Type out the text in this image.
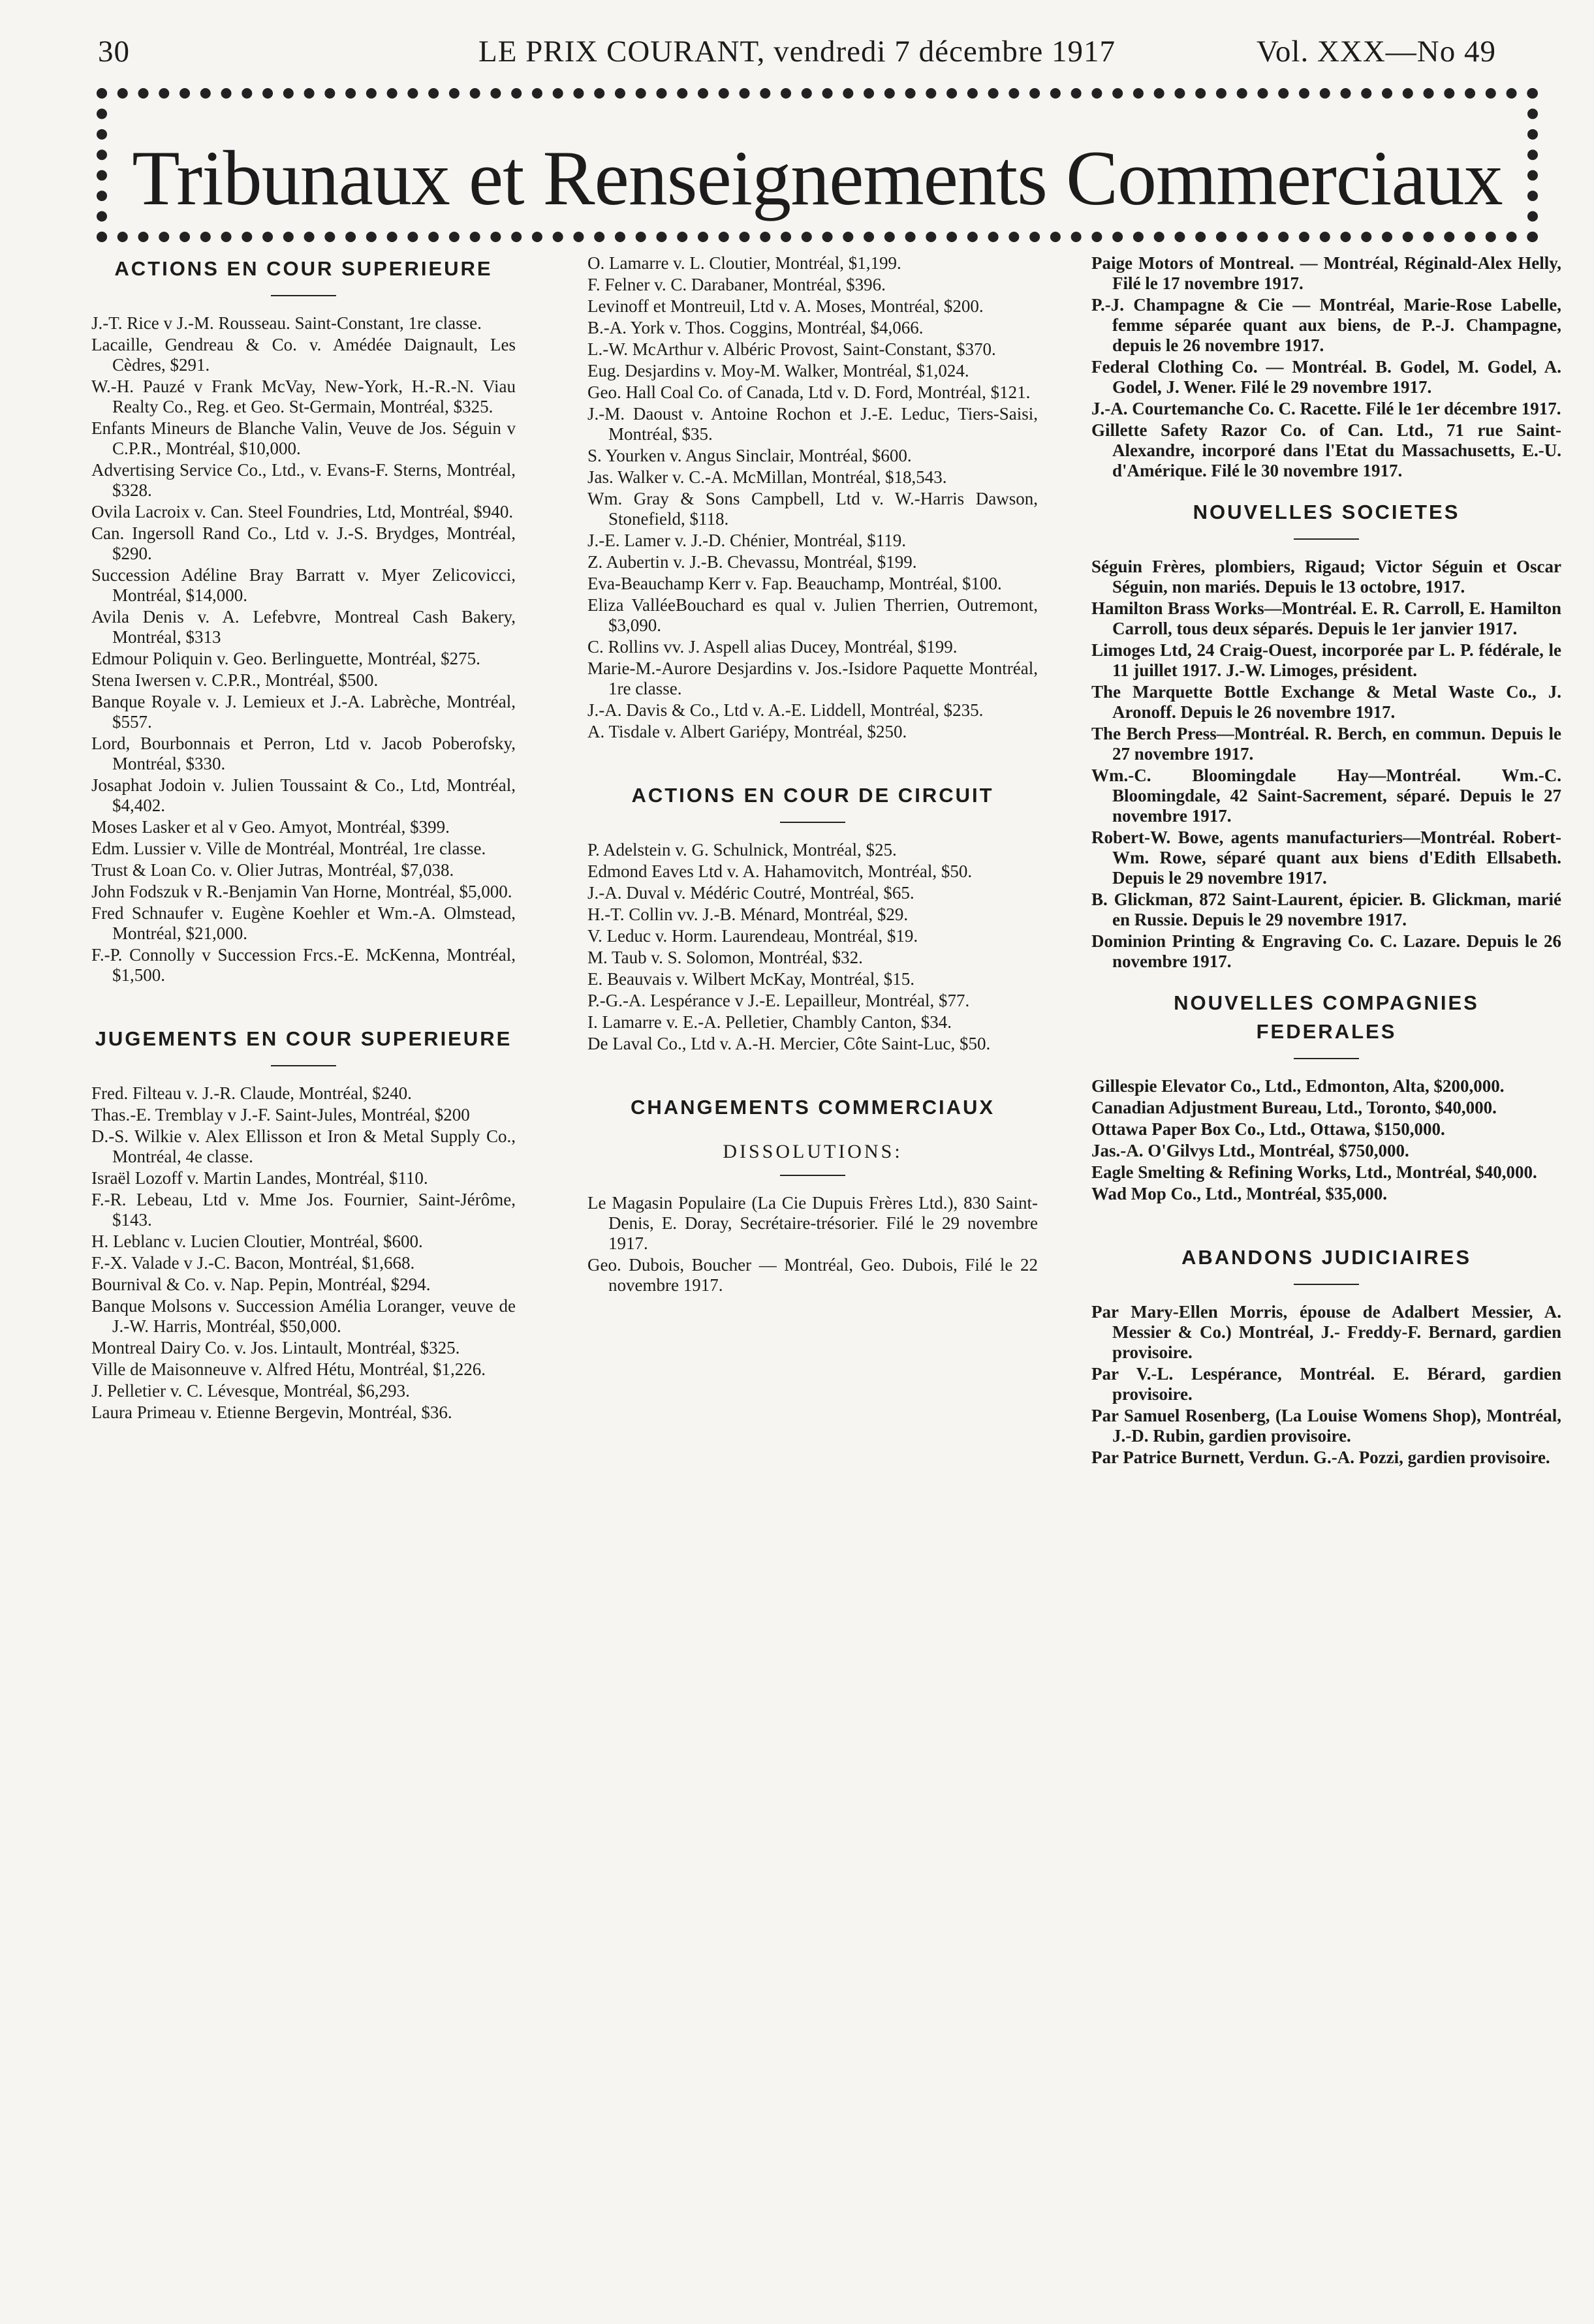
30	LE PRIX COURANT, vendredi 7 décembre 1917	Vol. XXX—No 49
Tribunaux et Renseignements Commerciaux
ACTIONS EN COUR SUPERIEURE
J.-T. Rice v J.-M. Rousseau. Saint-Constant, 1re classe.
Lacaille, Gendreau & Co. v. Amédée Daignault, Les Cèdres, $291.
W.-H. Pauzé v Frank McVay, New-York, H.-R.-N. Viau Realty Co., Reg. et Geo. St-Germain, Montréal, $325.
Enfants Mineurs de Blanche Valin, Veuve de Jos. Séguin v C.P.R., Montréal, $10,000.
Advertising Service Co., Ltd., v. Evans-F. Sterns, Montréal, $328.
Ovila Lacroix v. Can. Steel Foundries, Ltd, Montréal, $940.
Can. Ingersoll Rand Co., Ltd v. J.-S. Brydges, Montréal, $290.
Succession Adéline Bray Barratt v. Myer Zelicovicci, Montréal, $14,000.
Avila Denis v. A. Lefebvre, Montreal Cash Bakery, Montréal, $313
Edmour Poliquin v. Geo. Berlinguette, Montréal, $275.
Stena Iwersen v. C.P.R., Montréal, $500.
Banque Royale v. J. Lemieux et J.-A. Labrèche, Montréal, $557.
Lord, Bourbonnais et Perron, Ltd v. Jacob Poberofsky, Montréal, $330.
Josaphat Jodoin v. Julien Toussaint & Co., Ltd, Montréal, $4,402.
Moses Lasker et al v Geo. Amyot, Montréal, $399.
Edm. Lussier v. Ville de Montréal, Montréal, 1re classe.
Trust & Loan Co. v. Olier Jutras, Montréal, $7,038.
John Fodszuk v R.-Benjamin Van Horne, Montréal, $5,000.
Fred Schnaufer v. Eugène Koehler et Wm.-A. Olmstead, Montréal, $21,000.
F.-P. Connolly v Succession Frcs.-E. McKenna, Montréal, $1,500.
JUGEMENTS EN COUR SUPERIEURE
Fred. Filteau v. J.-R. Claude, Montréal, $240.
Thas.-E. Tremblay v J.-F. Saint-Jules, Montréal, $200
D.-S. Wilkie v. Alex Ellisson et Iron & Metal Supply Co., Montréal, 4e classe.
Israël Lozoff v. Martin Landes, Montréal, $110.
F.-R. Lebeau, Ltd v. Mme Jos. Fournier, Saint-Jérôme, $143.
H. Leblanc v. Lucien Cloutier, Montréal, $600.
F.-X. Valade v J.-C. Bacon, Montréal, $1,668.
Bournival & Co. v. Nap. Pepin, Montréal, $294.
Banque Molsons v. Succession Amélia Loranger, veuve de J.-W. Harris, Montréal, $50,000.
Montreal Dairy Co. v. Jos. Lintault, Montréal, $325.
Ville de Maisonneuve v. Alfred Hétu, Montréal, $1,226.
J. Pelletier v. C. Lévesque, Montréal, $6,293.
Laura Primeau v. Etienne Bergevin, Montréal, $36.
O. Lamarre v. L. Cloutier, Montréal, $1,199.
F. Felner v. C. Darabaner, Montréal, $396.
Levinoff et Montreuil, Ltd v. A. Moses, Montréal, $200.
B.-A. York v. Thos. Coggins, Montréal, $4,066.
L.-W. McArthur v. Albéric Provost, Saint-Constant, $370.
Eug. Desjardins v. Moy-M. Walker, Montréal, $1,024.
Geo. Hall Coal Co. of Canada, Ltd v. D. Ford, Montréal, $121.
J.-M. Daoust v. Antoine Rochon et J.-E. Leduc, Tiers-Saisi, Montréal, $35.
S. Yourken v. Angus Sinclair, Montréal, $600.
Jas. Walker v. C.-A. McMillan, Montréal, $18,543.
Wm. Gray & Sons Campbell, Ltd v. W.-Harris Dawson, Stonefield, $118.
J.-E. Lamer v. J.-D. Chénier, Montréal, $119.
Z. Aubertin v. J.-B. Chevassu, Montréal, $199.
Eva-Beauchamp Kerr v. Fap. Beauchamp, Montréal, $100.
Eliza ValléeBouchard es qual v. Julien Therrien, Outremont, $3,090.
C. Rollins vv. J. Aspell alias Ducey, Montréal, $199.
Marie-M.-Aurore Desjardins v. Jos.-Isidore Paquette Montréal, 1re classe.
J.-A. Davis & Co., Ltd v. A.-E. Liddell, Montréal, $235.
A. Tisdale v. Albert Gariépy, Montréal, $250.
ACTIONS EN COUR DE CIRCUIT
P. Adelstein v. G. Schulnick, Montréal, $25.
Edmond Eaves Ltd v. A. Hahamovitch, Montréal, $50.
J.-A. Duval v. Médéric Coutré, Montréal, $65.
H.-T. Collin vv. J.-B. Ménard, Montréal, $29.
V. Leduc v. Horm. Laurendeau, Montréal, $19.
M. Taub v. S. Solomon, Montréal, $32.
E. Beauvais v. Wilbert McKay, Montréal, $15.
P.-G.-A. Lespérance v J.-E. Lepailleur, Montréal, $77.
I. Lamarre v. E.-A. Pelletier, Chambly Canton, $34.
De Laval Co., Ltd v. A.-H. Mercier, Côte Saint-Luc, $50.
CHANGEMENTS COMMERCIAUX
DISSOLUTIONS:
Le Magasin Populaire (La Cie Dupuis Frères Ltd.), 830 Saint-Denis, E. Doray, Secrétaire-trésorier. Filé le 29 novembre 1917.
Geo. Dubois, Boucher — Montréal, Geo. Dubois, Filé le 22 novembre 1917.
Paige Motors of Montreal. — Montréal, Réginald-Alex Helly, Filé le 17 novembre 1917.
P.-J. Champagne & Cie — Montréal, Marie-Rose Labelle, femme séparée quant aux biens, de P.-J. Champagne, depuis le 26 novembre 1917.
Federal Clothing Co. — Montréal. B. Godel, M. Godel, A. Godel, J. Wener. Filé le 29 novembre 1917.
J.-A. Courtemanche Co. C. Racette. Filé le 1er décembre 1917.
Gillette Safety Razor Co. of Can. Ltd., 71 rue Saint-Alexandre, incorporé dans l'Etat du Massachusetts, E.-U. d'Amérique. Filé le 30 novembre 1917.
NOUVELLES SOCIETES
Séguin Frères, plombiers, Rigaud; Victor Séguin et Oscar Séguin, non mariés. Depuis le 13 octobre, 1917.
Hamilton Brass Works—Montréal. E. R. Carroll, E. Hamilton Carroll, tous deux séparés. Depuis le 1er janvier 1917.
Limoges Ltd, 24 Craig-Ouest, incorporée par L. P. fédérale, le 11 juillet 1917. J.-W. Limoges, président.
The Marquette Bottle Exchange & Metal Waste Co., J. Aronoff. Depuis le 26 novembre 1917.
The Berch Press—Montréal. R. Berch, en commun. Depuis le 27 novembre 1917.
Wm.-C. Bloomingdale Hay—Montréal. Wm.-C. Bloomingdale, 42 Saint-Sacrement, séparé. Depuis le 27 novembre 1917.
Robert-W. Bowe, agents manufacturiers—Montréal. Robert-Wm. Rowe, séparé quant aux biens d'Edith Ellsabeth. Depuis le 29 novembre 1917.
B. Glickman, 872 Saint-Laurent, épicier. B. Glickman, marié en Russie. Depuis le 29 novembre 1917.
Dominion Printing & Engraving Co. C. Lazare. Depuis le 26 novembre 1917.
NOUVELLES COMPAGNIES
FEDERALES
Gillespie Elevator Co., Ltd., Edmonton, Alta, $200,000.
Canadian Adjustment Bureau, Ltd., Toronto, $40,000.
Ottawa Paper Box Co., Ltd., Ottawa, $150,000.
Jas.-A. O'Gilvys Ltd., Montréal, $750,000.
Eagle Smelting & Refining Works, Ltd., Montréal, $40,000.
Wad Mop Co., Ltd., Montréal, $35,000.
ABANDONS JUDICIAIRES
Par Mary-Ellen Morris, épouse de Adalbert Messier, A. Messier & Co.) Montréal, J.- Freddy-F. Bernard, gardien provisoire.
Par V.-L. Lespérance, Montréal. E. Bérard, gardien provisoire.
Par Samuel Rosenberg, (La Louise Womens Shop), Montréal, J.-D. Rubin, gardien provisoire.
Par Patrice Burnett, Verdun. G.-A. Pozzi, gardien provisoire.
